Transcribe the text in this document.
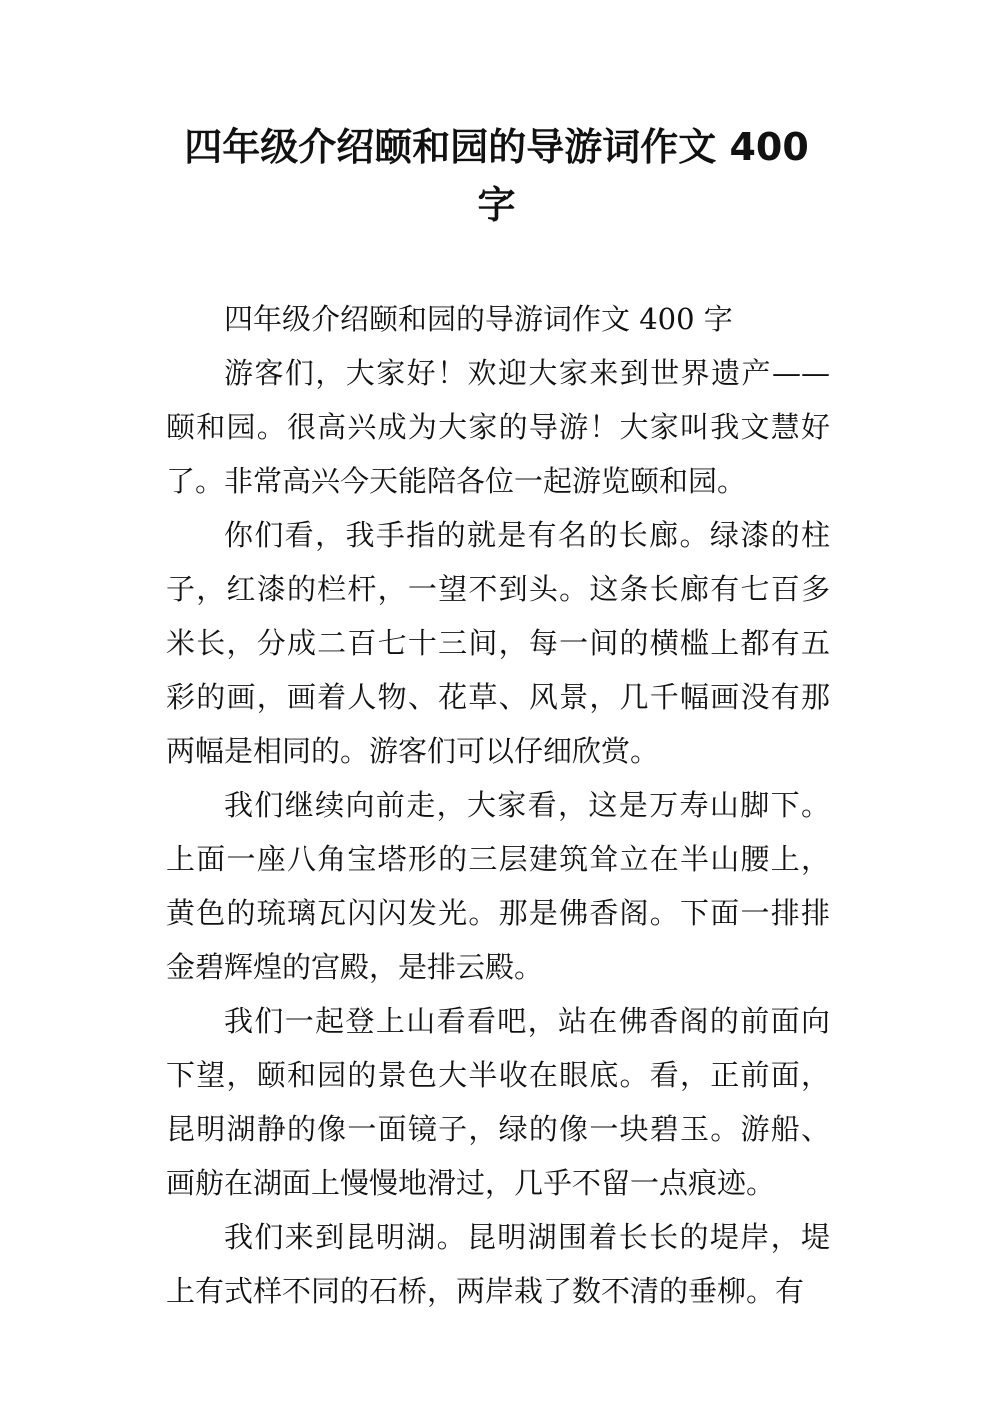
四年级介绍颐和园的导游词作文 400
字

四年级介绍颐和园的导游词作文 400 字

游客们，大家好！欢迎大家来到世界遗产——颐和园。很高兴成为大家的导游！大家叫我文慧好了。非常高兴今天能陪各位一起游览颐和园。

你们看，我手指的就是有名的长廊。绿漆的柱子，红漆的栏杆，一望不到头。这条长廊有七百多米长，分成二百七十三间，每一间的横槛上都有五彩的画，画着人物、花草、风景，几千幅画没有那两幅是相同的。游客们可以仔细欣赏。

我们继续向前走，大家看，这是万寿山脚下。上面一座八角宝塔形的三层建筑耸立在半山腰上，黄色的琉璃瓦闪闪发光。那是佛香阁。下面一排排金碧辉煌的宫殿，是排云殿。

我们一起登上山看看吧，站在佛香阁的前面向下望，颐和园的景色大半收在眼底。看，正前面，昆明湖静的像一面镜子，绿的像一块碧玉。游船、画舫在湖面上慢慢地滑过，几乎不留一点痕迹。

我们来到昆明湖。昆明湖围着长长的堤岸，堤上有式样不同的石桥，两岸栽了数不清的垂柳。有
